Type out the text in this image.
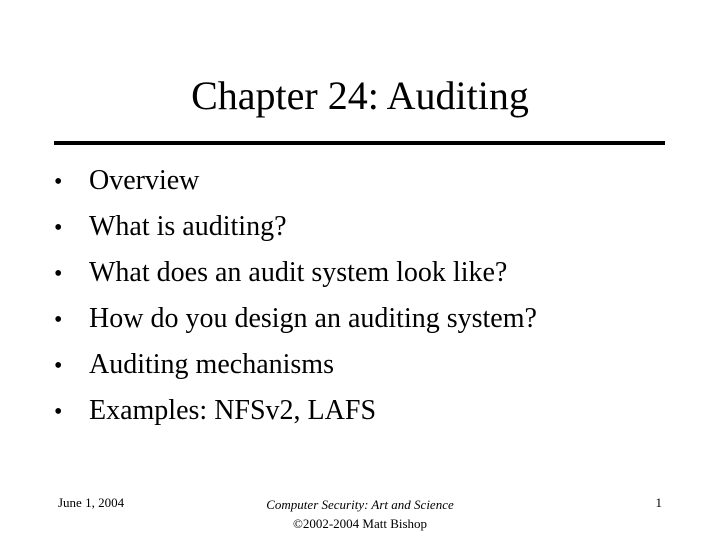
Chapter 24: Auditing
• Overview
• What is auditing?
• What does an audit system look like?
• How do you design an auditing system?
• Auditing mechanisms
• Examples: NFSv2, LAFS
June 1, 2004	Computer Security: Art and Science
©2002-2004 Matt Bishop
1
